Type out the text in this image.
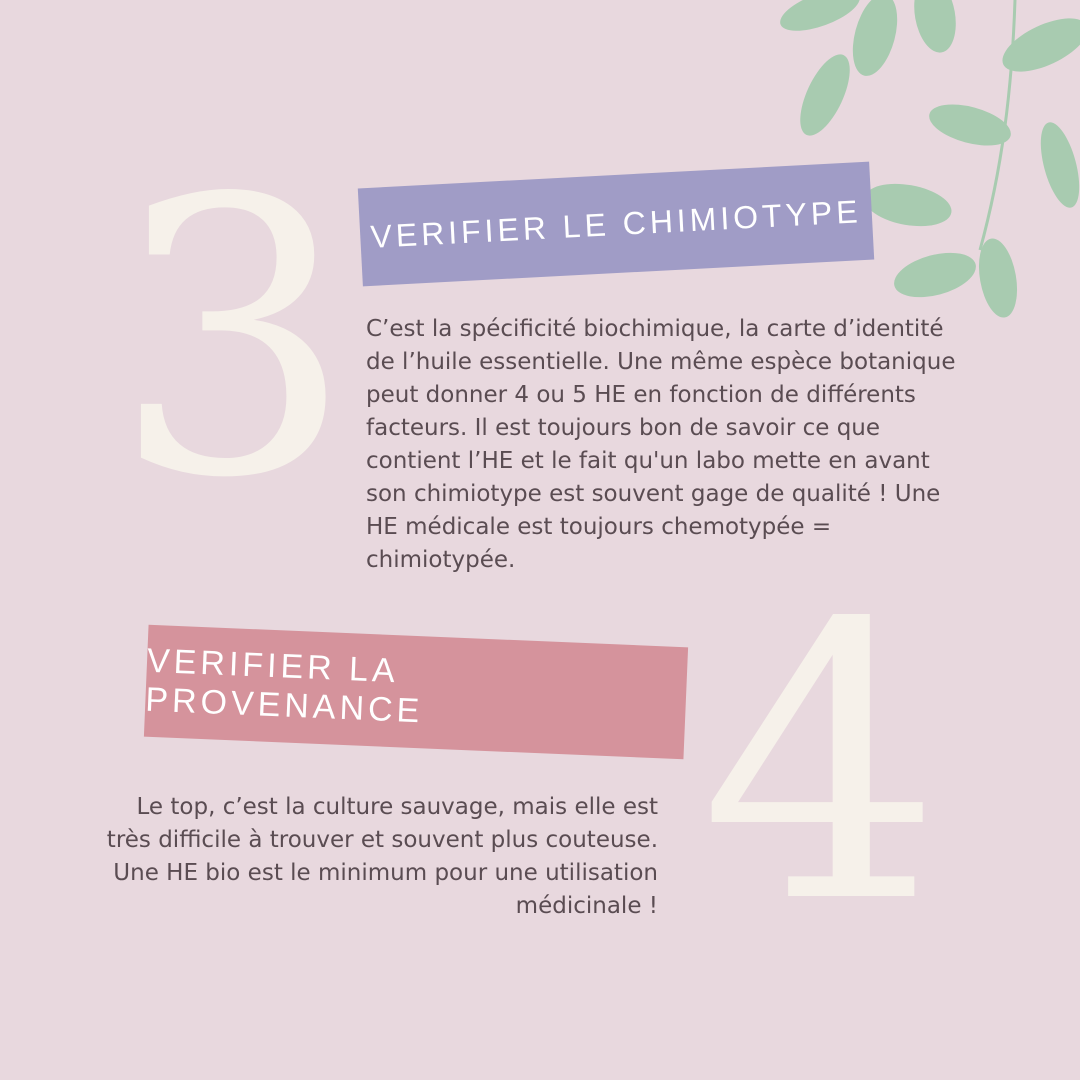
3 VERIFIER LE CHIMIOTYPE
C’est la spécificité biochimique, la carte d’identité de l’huile essentielle. Une même espèce botanique peut donner 4 ou 5 HE en fonction de différents facteurs. Il est toujours bon de savoir ce que contient l’HE et le fait qu'un labo mette en avant son chimiotype est souvent gage de qualité ! Une HE médicale est toujours chemotypée = chimiotypée. 4
VERIFIER LA PROVENANCE
Le top, c’est la culture sauvage, mais elle est très difficile à trouver et souvent plus couteuse. Une HE bio est le minimum pour une utilisation médicinale !
